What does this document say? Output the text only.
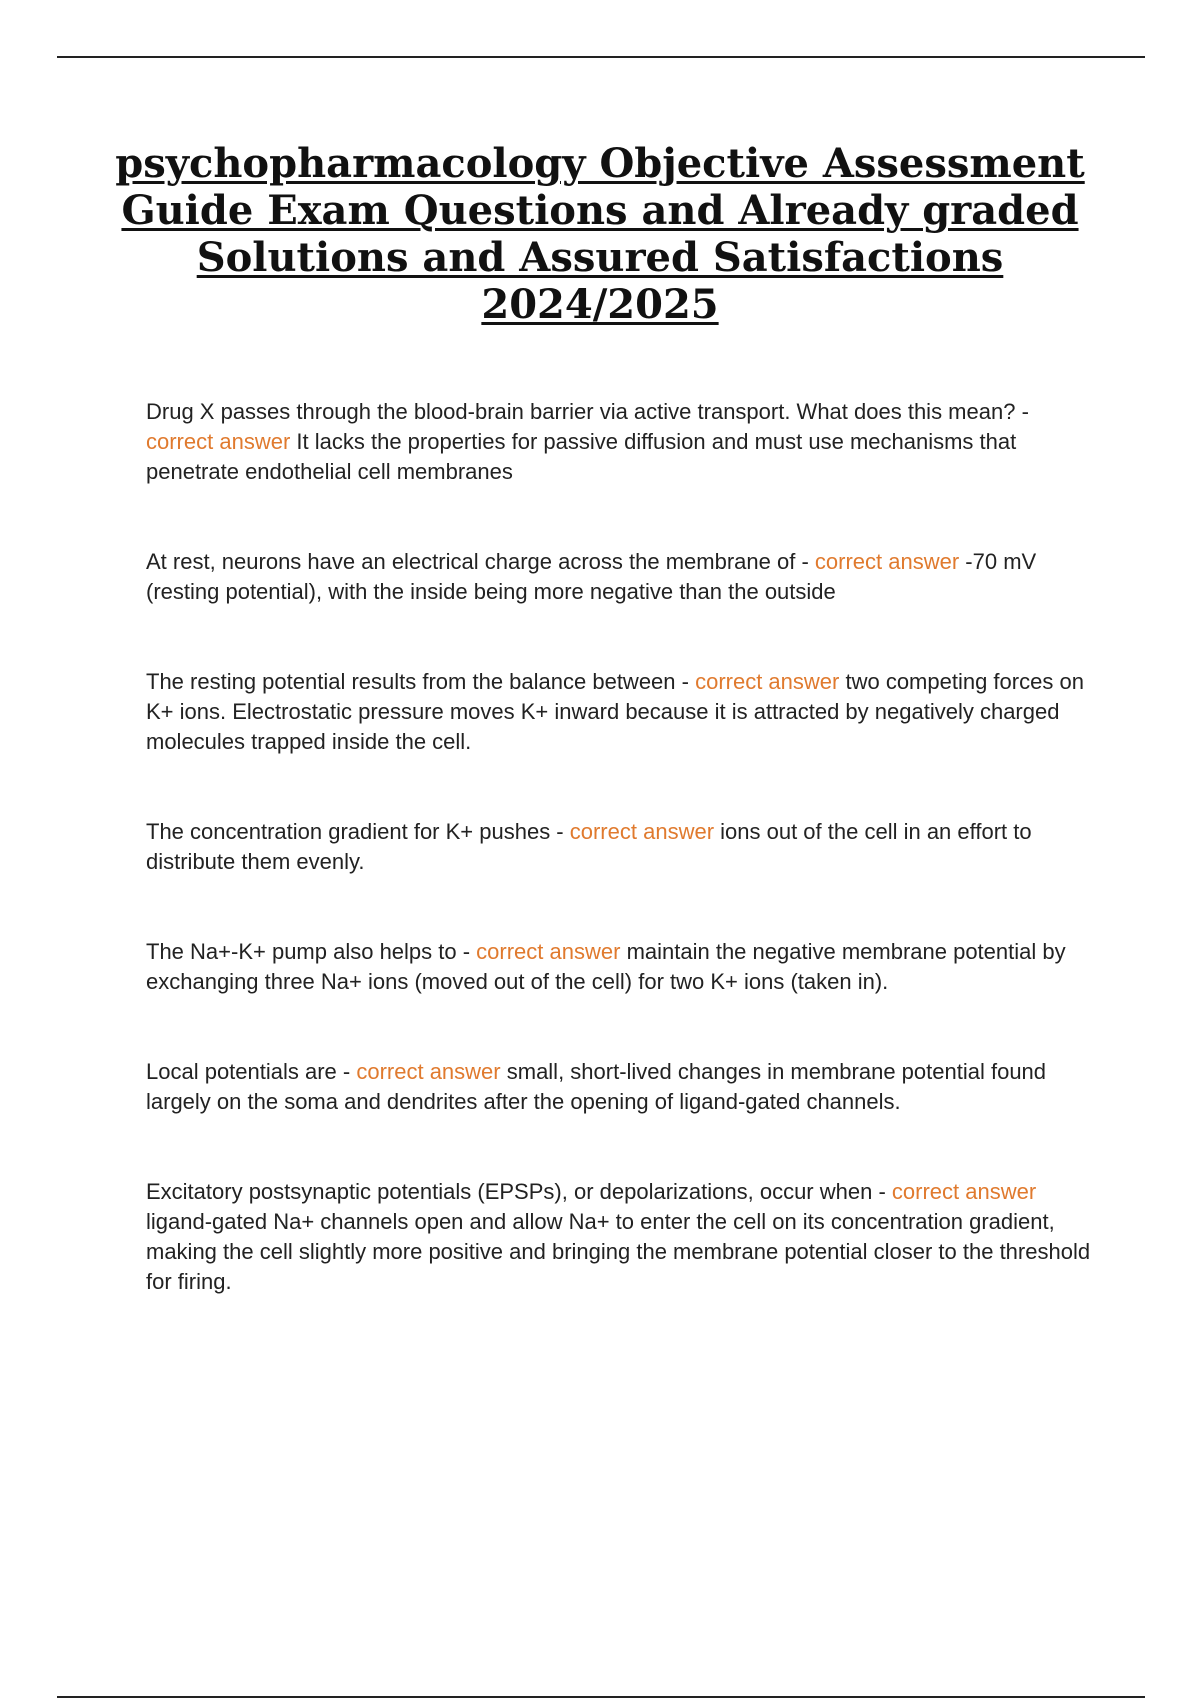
psychopharmacology Objective Assessment Guide Exam Questions and Already graded Solutions and Assured Satisfactions 2024/2025

Drug X passes through the blood-brain barrier via active transport. What does this mean? - correct answer It lacks the properties for passive diffusion and must use mechanisms that penetrate endothelial cell membranes

At rest, neurons have an electrical charge across the membrane of - correct answer -70 mV (resting potential), with the inside being more negative than the outside

The resting potential results from the balance between - correct answer two competing forces on K+ ions. Electrostatic pressure moves K+ inward because it is attracted by negatively charged molecules trapped inside the cell.

The concentration gradient for K+ pushes - correct answer ions out of the cell in an effort to distribute them evenly.

The Na+-K+ pump also helps to - correct answer maintain the negative membrane potential by exchanging three Na+ ions (moved out of the cell) for two K+ ions (taken in).

Local potentials are - correct answer small, short-lived changes in membrane potential found largely on the soma and dendrites after the opening of ligand-gated channels.

Excitatory postsynaptic potentials (EPSPs), or depolarizations, occur when - correct answer ligand-gated Na+ channels open and allow Na+ to enter the cell on its concentration gradient, making the cell slightly more positive and bringing the membrane potential closer to the threshold for firing.
